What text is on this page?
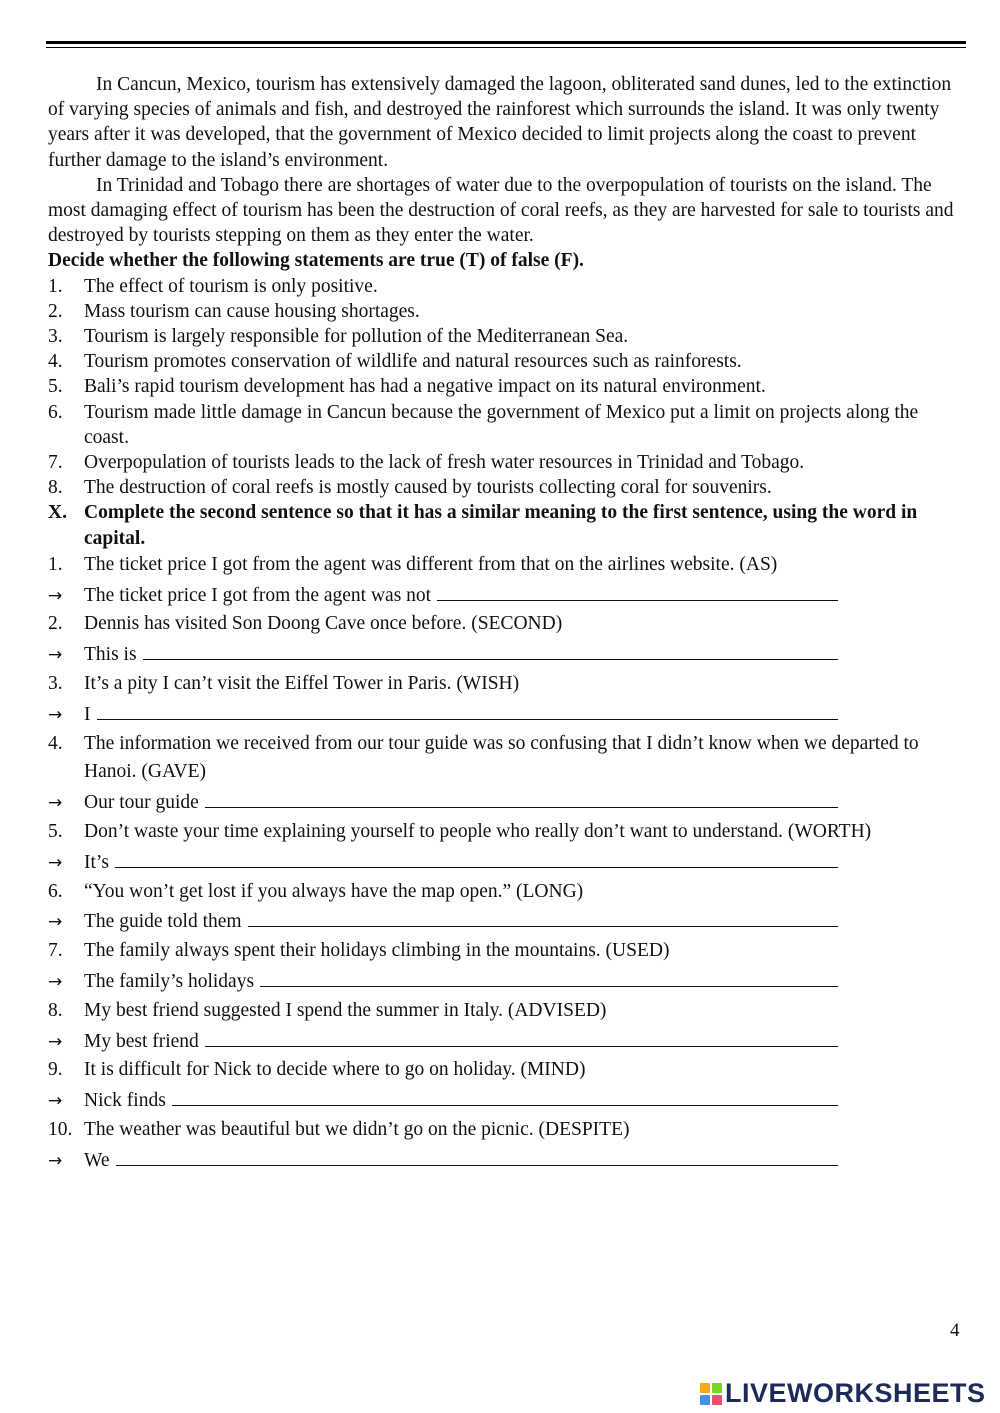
In Cancun, Mexico, tourism has extensively damaged the lagoon, obliterated sand dunes, led to the extinction of varying species of animals and fish, and destroyed the rainforest which surrounds the island. It was only twenty years after it was developed, that the government of Mexico decided to limit projects along the coast to prevent further damage to the island’s environment.

In Trinidad and Tobago there are shortages of water due to the overpopulation of tourists on the island. The most damaging effect of tourism has been the destruction of coral reefs, as they are harvested for sale to tourists and destroyed by tourists stepping on them as they enter the water.

Decide whether the following statements are true (T) of false (F).

1.	The effect of tourism is only positive.
2.	Mass tourism can cause housing shortages.
3.	Tourism is largely responsible for pollution of the Mediterranean Sea.
4.	Tourism promotes conservation of wildlife and natural resources such as rainforests.
5.	Bali’s rapid tourism development has had a negative impact on its natural environment.
6.	Tourism made little damage in Cancun because the government of Mexico put a limit on projects along the coast.
7.	Overpopulation of tourists leads to the lack of fresh water resources in Trinidad and Tobago.
8.	The destruction of coral reefs is mostly caused by tourists collecting coral for souvenirs.
X. Complete the second sentence so that it has a similar meaning to the first sentence, using the word in capital.
1.	The ticket price I got from the agent was different from that on the airlines website. (AS)
→	The ticket price I got from the agent was not
2.	Dennis has visited Son Doong Cave once before. (SECOND)
→	This is
3.	It’s a pity I can’t visit the Eiffel Tower in Paris. (WISH)
→	I
4.	The information we received from our tour guide was so confusing that I didn’t know when we departed to Hanoi. (GAVE)
→	Our tour guide
5.	Don’t waste your time explaining yourself to people who really don’t want to understand. (WORTH)
→	It’s
6.	“You won’t get lost if you always have the map open.” (LONG)
→	The guide told them
7.	The family always spent their holidays climbing in the mountains. (USED)
→	The family’s holidays
8.	My best friend suggested I spend the summer in Italy. (ADVISED)
→	My best friend
9.	It is difficult for Nick to decide where to go on holiday. (MIND)
→	Nick finds
10. The weather was beautiful but we didn’t go on the picnic. (DESPITE)
→	We
4
LIVEWORKSHEETS
